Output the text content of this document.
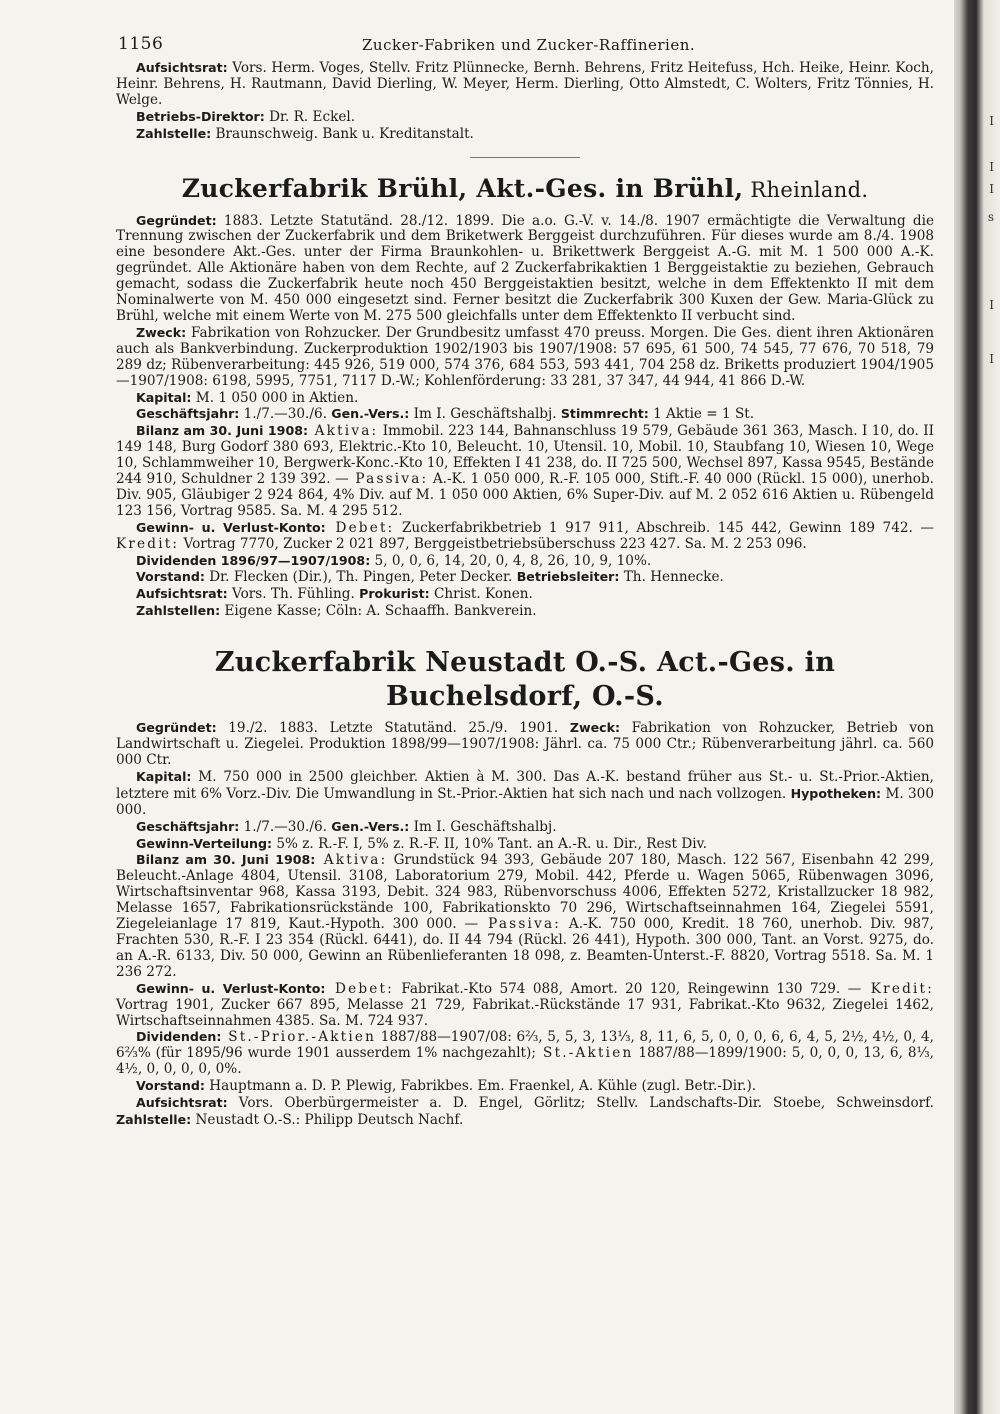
I
I
I
s
I
I
1156	Zucker-Fabriken und Zucker-Raffinerien.

Aufsichtsrat: Vors. Herm. Voges, Stellv. Fritz Plünnecke, Bernh. Behrens, Fritz Heitefuss, Hch. Heike, Heinr. Koch, Heinr. Behrens, H. Rautmann, David Dierling, W. Meyer, Herm. Dierling, Otto Almstedt, C. Wolters, Fritz Tönnies, H. Welge.

Betriebs-Direktor: Dr. R. Eckel.

Zahlstelle: Braunschweig. Bank u. Kreditanstalt.

Zuckerfabrik Brühl, Akt.-Ges. in Brühl, Rheinland.

Gegründet: 1883. Letzte Statutänd. 28./12. 1899. Die a.o. G.-V. v. 14./8. 1907 ermächtigte die Verwaltung die Trennung zwischen der Zuckerfabrik und dem Briketwerk Berggeist durchzuführen. Für dieses wurde am 8./4. 1908 eine besondere Akt.-Ges. unter der Firma Braunkohlen- u. Brikettwerk Berggeist A.-G. mit M. 1 500 000 A.-K. gegründet. Alle Aktionäre haben von dem Rechte, auf 2 Zuckerfabrikaktien 1 Berggeistaktie zu beziehen, Gebrauch gemacht, sodass die Zuckerfabrik heute noch 450 Berggeistaktien besitzt, welche in dem Effektenkto II mit dem Nominalwerte von M. 450 000 eingesetzt sind. Ferner besitzt die Zuckerfabrik 300 Kuxen der Gew. Maria-Glück zu Brühl, welche mit einem Werte von M. 275 500 gleichfalls unter dem Effektenkto II verbucht sind.

Zweck: Fabrikation von Rohzucker. Der Grundbesitz umfasst 470 preuss. Morgen. Die Ges. dient ihren Aktionären auch als Bankverbindung. Zuckerproduktion 1902/1903 bis 1907/1908: 57 695, 61 500, 74 545, 77 676, 70 518, 79 289 dz; Rübenverarbeitung: 445 926, 519 000, 574 376, 684 553, 593 441, 704 258 dz. Briketts produziert 1904/1905—1907/1908: 6198, 5995, 7751, 7117 D.-W.; Kohlenförderung: 33 281, 37 347, 44 944, 41 866 D.-W.

Kapital: M. 1 050 000 in Aktien.

Geschäftsjahr: 1./7.—30./6. Gen.-Vers.: Im I. Geschäftshalbj. Stimmrecht: 1 Aktie = 1 St.

Bilanz am 30. Juni 1908: Aktiva: Immobil. 223 144, Bahnanschluss 19 579, Gebäude 361 363, Masch. I 10, do. II 149 148, Burg Godorf 380 693, Elektric.-Kto 10, Beleucht. 10, Utensil. 10, Mobil. 10, Staubfang 10, Wiesen 10, Wege 10, Schlammweiher 10, Bergwerk-Konc.-Kto 10, Effekten I 41 238, do. II 725 500, Wechsel 897, Kassa 9545, Bestände 244 910, Schuldner 2 139 392. — Passiva: A.-K. 1 050 000, R.-F. 105 000, Stift.-F. 40 000 (Rückl. 15 000), unerhob. Div. 905, Gläubiger 2 924 864, 4% Div. auf M. 1 050 000 Aktien, 6% Super-Div. auf M. 2 052 616 Aktien u. Rübengeld 123 156, Vortrag 9585. Sa. M. 4 295 512.

Gewinn- u. Verlust-Konto: Debet: Zuckerfabrikbetrieb 1 917 911, Abschreib. 145 442, Gewinn 189 742. — Kredit: Vortrag 7770, Zucker 2 021 897, Berggeistbetriebsüberschuss 223 427. Sa. M. 2 253 096.

Dividenden 1896/97—1907/1908: 5, 0, 0, 6, 14, 20, 0, 4, 8, 26, 10, 9, 10%.

Vorstand: Dr. Flecken (Dir.), Th. Pingen, Peter Decker. Betriebsleiter: Th. Hennecke.

Aufsichtsrat: Vors. Th. Fühling. Prokurist: Christ. Konen.

Zahlstellen: Eigene Kasse; Cöln: A. Schaaffh. Bankverein.

Zuckerfabrik Neustadt O.-S. Act.-Ges. in Buchelsdorf, O.-S.

Gegründet: 19./2. 1883. Letzte Statutänd. 25./9. 1901. Zweck: Fabrikation von Rohzucker, Betrieb von Landwirtschaft u. Ziegelei. Produktion 1898/99—1907/1908: Jährl. ca. 75 000 Ctr.; Rübenverarbeitung jährl. ca. 560 000 Ctr.

Kapital: M. 750 000 in 2500 gleichber. Aktien à M. 300. Das A.-K. bestand früher aus St.- u. St.-Prior.-Aktien, letztere mit 6% Vorz.-Div. Die Umwandlung in St.-Prior.-Aktien hat sich nach und nach vollzogen. Hypotheken: M. 300 000.

Geschäftsjahr: 1./7.—30./6. Gen.-Vers.: Im I. Geschäftshalbj.

Gewinn-Verteilung: 5% z. R.-F. I, 5% z. R.-F. II, 10% Tant. an A.-R. u. Dir., Rest Div.

Bilanz am 30. Juni 1908: Aktiva: Grundstück 94 393, Gebäude 207 180, Masch. 122 567, Eisenbahn 42 299, Beleucht.-Anlage 4804, Utensil. 3108, Laboratorium 279, Mobil. 442, Pferde u. Wagen 5065, Rübenwagen 3096, Wirtschaftsinventar 968, Kassa 3193, Debit. 324 983, Rübenvorschuss 4006, Effekten 5272, Kristallzucker 18 982, Melasse 1657, Fabrikationsrückstände 100, Fabrikationskto 70 296, Wirtschaftseinnahmen 164, Ziegelei 5591, Ziegeleianlage 17 819, Kaut.-Hypoth. 300 000. — Passiva: A.-K. 750 000, Kredit. 18 760, unerhob. Div. 987, Frachten 530, R.-F. I 23 354 (Rückl. 6441), do. II 44 794 (Rückl. 26 441), Hypoth. 300 000, Tant. an Vorst. 9275, do. an A.-R. 6133, Div. 50 000, Gewinn an Rübenlieferanten 18 098, z. Beamten-Unterst.-F. 8820, Vortrag 5518. Sa. M. 1 236 272.

Gewinn- u. Verlust-Konto: Debet: Fabrikat.-Kto 574 088, Amort. 20 120, Reingewinn 130 729. — Kredit: Vortrag 1901, Zucker 667 895, Melasse 21 729, Fabrikat.-Rückstände 17 931, Fabrikat.-Kto 9632, Ziegelei 1462, Wirtschaftseinnahmen 4385. Sa. M. 724 937.

Dividenden: St.-Prior.-Aktien 1887/88—1907/08: 6⅔, 5, 5, 3, 13⅓, 8, 11, 6, 5, 0, 0, 0, 6, 6, 4, 5, 2½, 4½, 0, 4, 6⅔% (für 1895/96 wurde 1901 ausserdem 1% nachgezahlt); St.-Aktien 1887/88—1899/1900: 5, 0, 0, 0, 13, 6, 8⅓, 4½, 0, 0, 0, 0, 0%.

Vorstand: Hauptmann a. D. P. Plewig, Fabrikbes. Em. Fraenkel, A. Kühle (zugl. Betr.-Dir.).

Aufsichtsrat: Vors. Oberbürgermeister a. D. Engel, Görlitz; Stellv. Landschafts-Dir. Stoebe, Schweinsdorf. Zahlstelle: Neustadt O.-S.: Philipp Deutsch Nachf.
